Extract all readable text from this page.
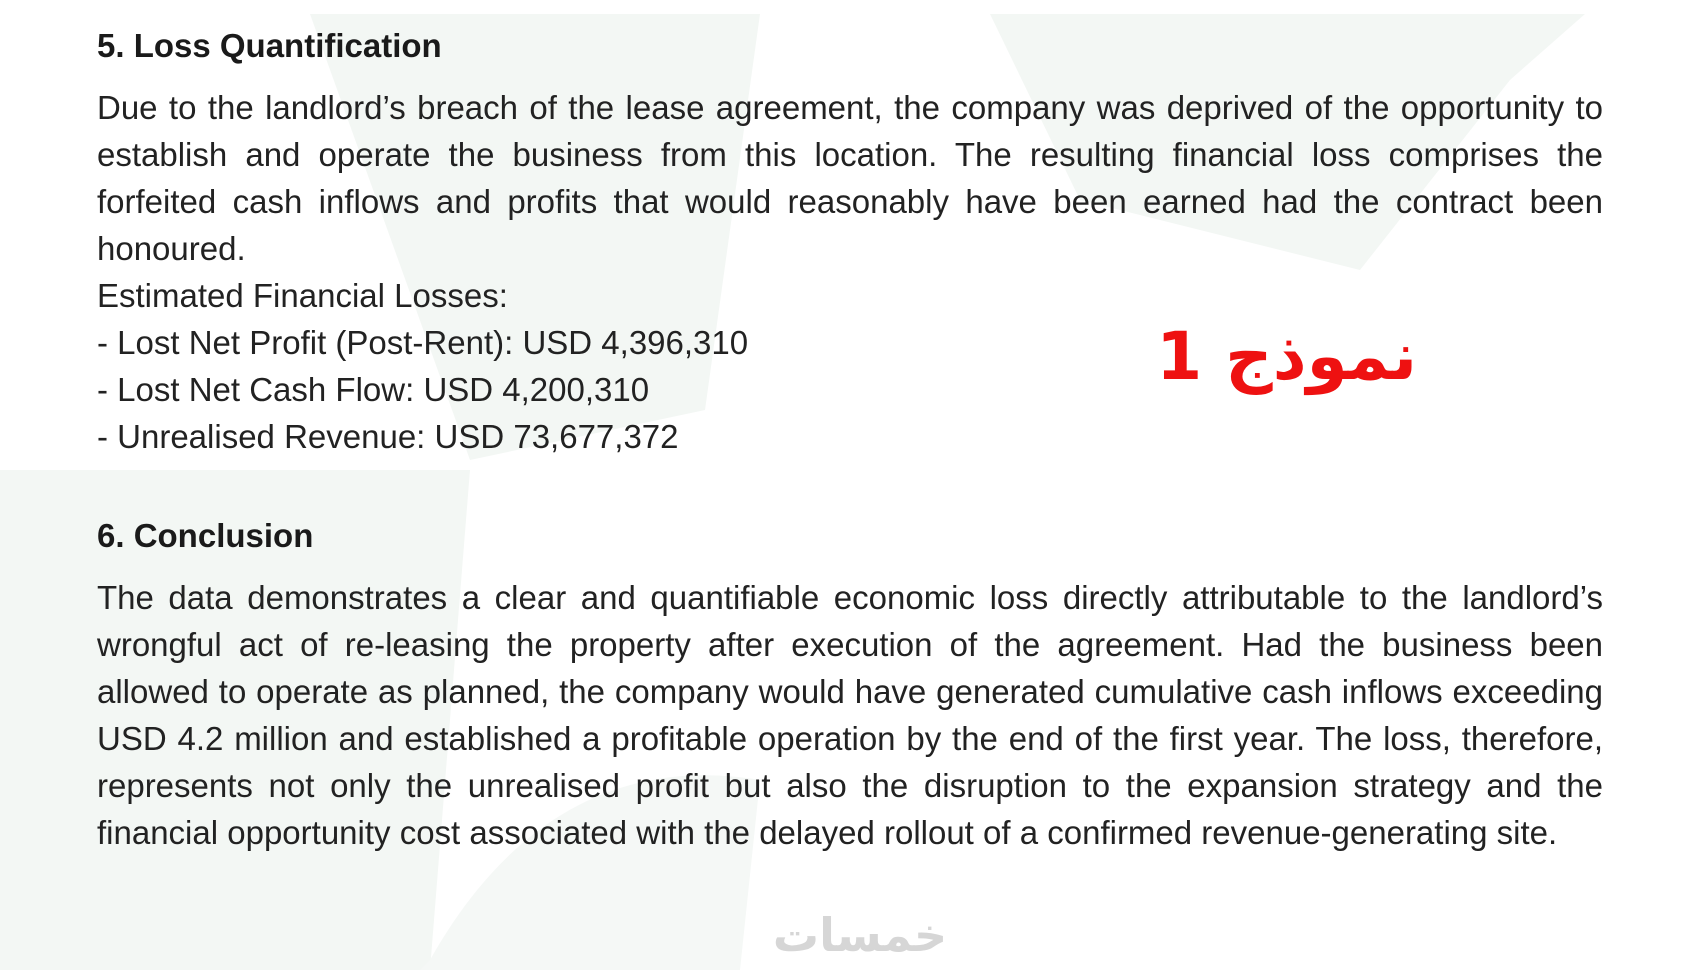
5. Loss Quantification

Due to the landlord’s breach of the lease agreement, the company was deprived of the opportunity to establish and operate the business from this location. The resulting financial loss comprises the forfeited cash inflows and profits that would reasonably have been earned had the contract been honoured.

Estimated Financial Losses:

- Lost Net Profit (Post-Rent): USD 4,396,310

- Lost Net Cash Flow: USD 4,200,310

- Unrealised Revenue: USD 73,677,372

6. Conclusion

The data demonstrates a clear and quantifiable economic loss directly attributable to the landlord’s wrongful act of re-leasing the property after execution of the agreement. Had the business been allowed to operate as planned, the company would have generated cumulative cash inflows exceeding USD 4.2 million and established a profitable operation by the end of the first year. The loss, therefore, represents not only the unrealised profit but also the disruption to the expansion strategy and the financial opportunity cost associated with the delayed rollout of a confirmed revenue-generating site.

نموذج 1
خمسات
